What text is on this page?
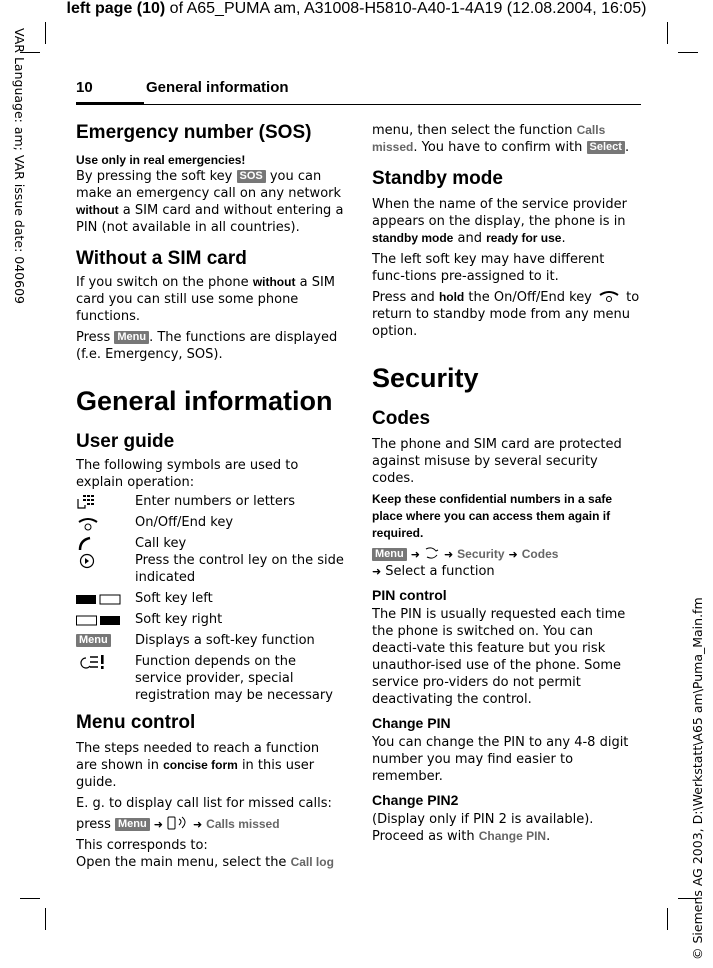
left page (10) of A65_PUMA am, A31008-H5810-A40-1-4A19 (12.08.2004, 16:05)
VAR Language: am; VAR issue date: 040609
© Siemens AG 2003, D:\Werkstatt\A65 am\Puma_Main.fm
10	General information
Emergency number (SOS)
Use only in real emergencies!

By pressing the soft key SOS you can make an emergency call on any network without a SIM card and without entering a PIN (not available in all countries).

Without a SIM card

If you switch on the phone without a SIM card you can still use some phone functions.

Press Menu . The functions are displayed (f.e. Emergency, SOS).

General information
User guide

The following symbols are used to explain operation:

Enter numbers or letters
On/Off/End key
Call key
Press the control ley on the side indicated
Soft key left
Soft key right
Menu Displays a soft-key function
Function depends on the service provider, special registration may be necessary
Menu control

The steps needed to reach a function are shown in concise form in this user guide.

E. g. to display call list for missed calls:

press Menu ➜	➜ Calls missed

This corresponds to:
Open the main menu, select the Call log

menu, then select the function Calls missed. You have to confirm with Select .

Standby mode

When the name of the service provider appears on the display, the phone is in standby mode and ready for use.

The left soft key may have different func-tions pre-assigned to it.

Press and hold the On/Off/End key  to return to standby mode from any menu option.

Security
Codes

The phone and SIM card are protected against misuse by several security codes.

Keep these confidential numbers in a safe place where you can access them again if required.

Menu ➜ ➜ Security ➜ Codes

➜ Select a function

PIN control

The PIN is usually requested each time the phone is switched on. You can deacti-vate this feature but you risk unauthor-ised use of the phone. Some service pro-viders do not permit deactivating the control.

Change PIN

You can change the PIN to any 4-8 digit number you may find easier to remember.

Change PIN2

(Display only if PIN 2 is available). Proceed as with Change PIN.
